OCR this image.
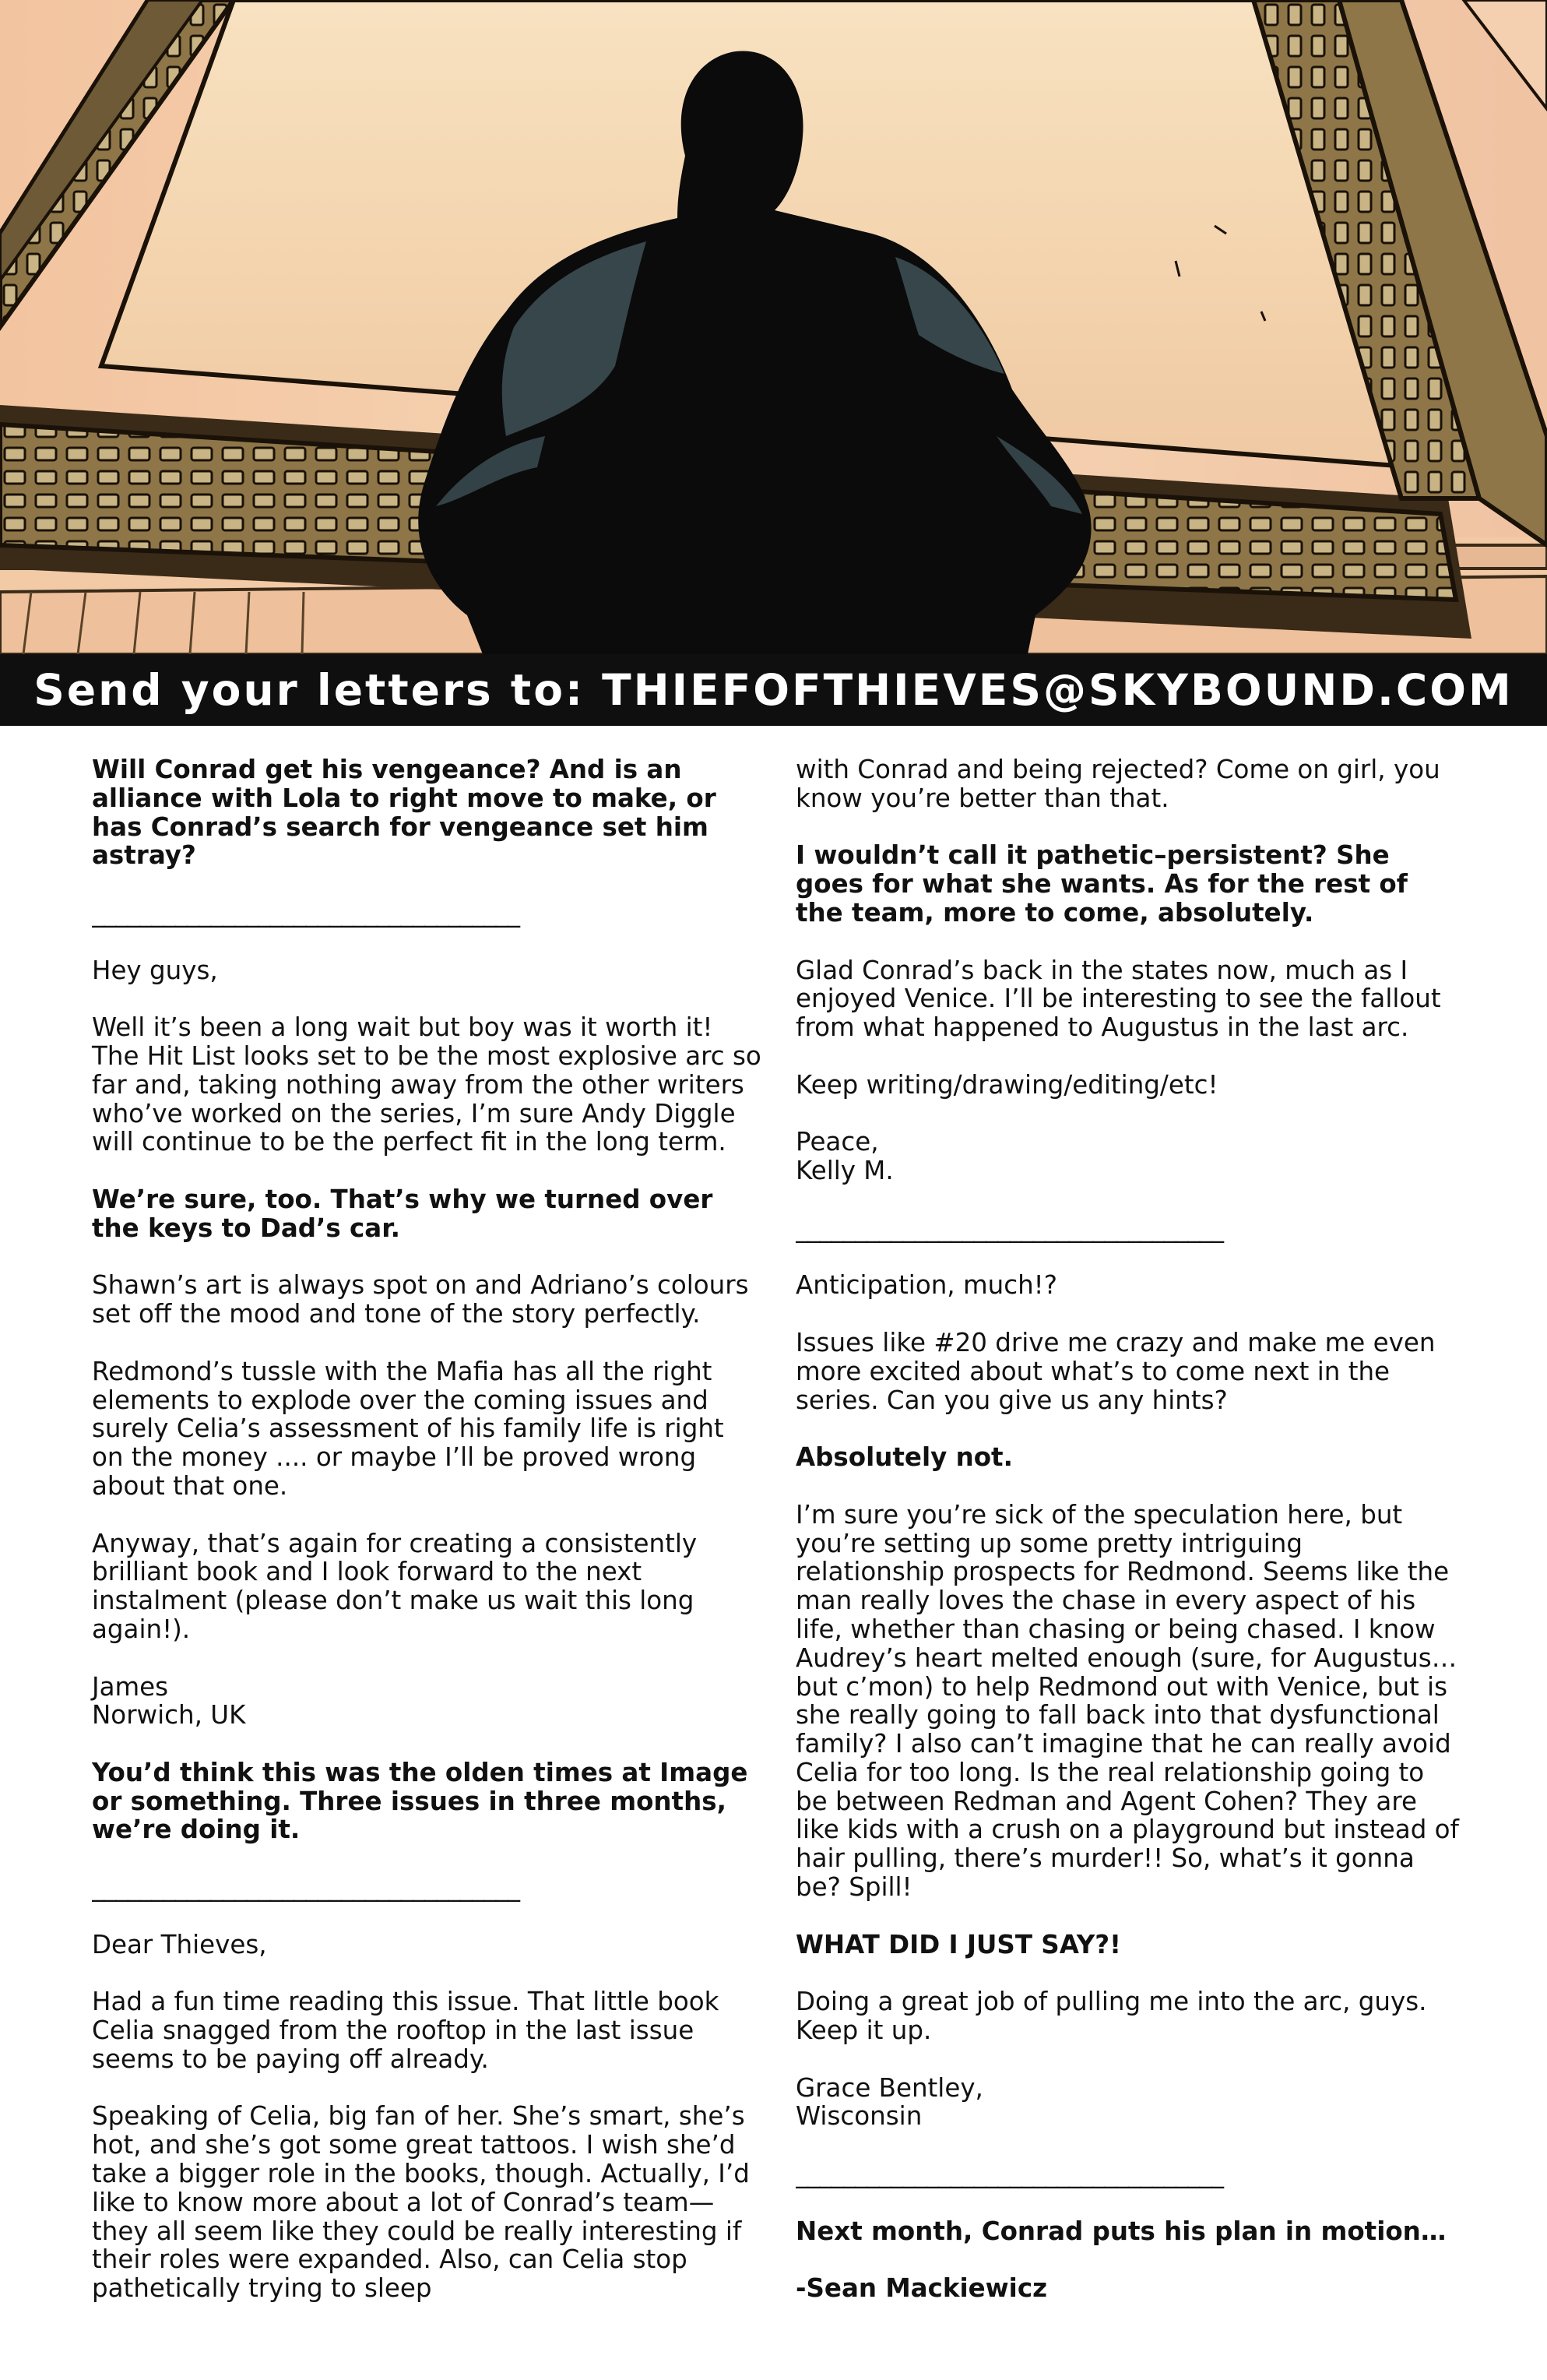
Send your letters to: THIEFOFTHIEVES@SKYBOUND.COM

Will Conrad get his vengeance? And is an alliance with Lola to right move to make, or has Conrad’s search for vengeance set him astray?

____________________________________

Hey guys,

Well it’s been a long wait but boy was it worth it! The Hit List looks set to be the most explosive arc so far and, taking nothing away from the other writers who’ve worked on the series, I’m sure Andy Diggle will continue to be the perfect fit in the long term.

We’re sure, too. That’s why we turned over the keys to Dad’s car.

Shawn’s art is always spot on and Adriano’s colours set off the mood and tone of the story perfectly.

Redmond’s tussle with the Mafia has all the right elements to explode over the coming issues and surely Celia’s assessment of his family life is right on the money .... or maybe I’ll be proved wrong about that one.

Anyway, that’s again for creating a consistently brilliant book and I look forward to the next instalment (please don’t make us wait this long again!).

James
Norwich, UK

You’d think this was the olden times at Image or something. Three issues in three months, we’re doing it.

____________________________________

Dear Thieves,

Had a fun time reading this issue. That little book Celia snagged from the rooftop in the last issue seems to be paying off already.

Speaking of Celia, big fan of her. She’s smart, she’s hot, and she’s got some great tattoos. I wish she’d take a bigger role in the books, though. Actually, I’d like to know more about a lot of Conrad’s team—they all seem like they could be really interesting if their roles were expanded. Also, can Celia stop pathetically trying to sleep

with Conrad and being rejected? Come on girl, you know you’re better than that.

I wouldn’t call it pathetic–persistent? She goes for what she wants. As for the rest of the team, more to come, absolutely.

Glad Conrad’s back in the states now, much as I enjoyed Venice. I’ll be interesting to see the fallout from what happened to Augustus in the last arc.

Keep writing/drawing/editing/etc!

Peace,
Kelly M.

____________________________________

Anticipation, much!?

Issues like #20 drive me crazy and make me even more excited about what’s to come next in the series. Can you give us any hints?

Absolutely not.

I’m sure you’re sick of the speculation here, but you’re setting up some pretty intriguing relationship prospects for Redmond. Seems like the man really loves the chase in every aspect of his life, whether than chasing or being chased. I know Audrey’s heart melted enough (sure, for Augustus… but c’mon) to help Redmond out with Venice, but is she really going to fall back into that dysfunctional family? I also can’t imagine that he can really avoid Celia for too long. Is the real relationship going to be between Redman and Agent Cohen? They are like kids with a crush on a playground but instead of hair pulling, there’s murder!! So, what’s it gonna be? Spill!

WHAT DID I JUST SAY?!

Doing a great job of pulling me into the arc, guys. Keep it up.

Grace Bentley,
Wisconsin

____________________________________

Next month, Conrad puts his plan in motion…

-Sean Mackiewicz
